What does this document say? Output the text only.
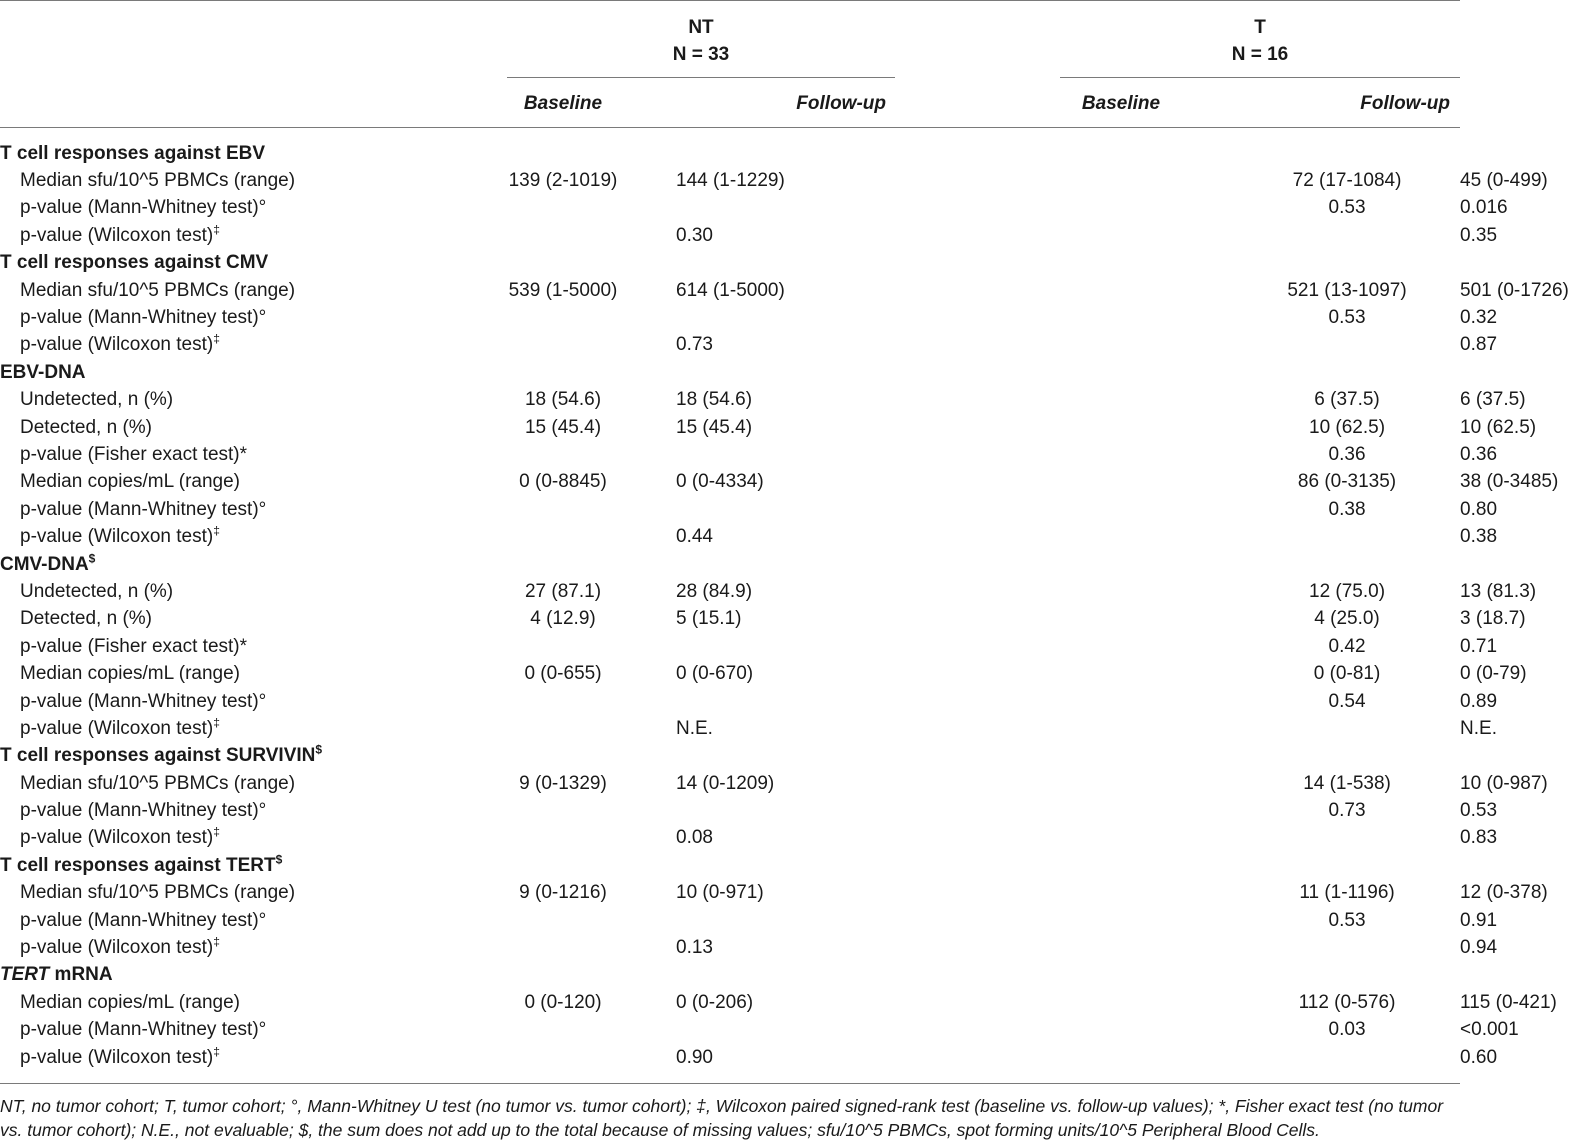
NT
N = 33
T
N = 16
Baseline	Follow-up	Baseline	Follow-up
T cell responses against EBV				
Median sfu/10^5 PBMCs (range)	139 (2-1019)	144 (1-1229)	72 (17-1084)	45 (0-499)
p-value (Mann-Whitney test)°			0.53	0.016
p-value (Wilcoxon test)‡		0.30		0.35
T cell responses against CMV				
Median sfu/10^5 PBMCs (range)	539 (1-5000)	614 (1-5000)	521 (13-1097)	501 (0-1726)
p-value (Mann-Whitney test)°			0.53	0.32
p-value (Wilcoxon test)‡		0.73		0.87
EBV-DNA				
Undetected, n (%)	18 (54.6)	18 (54.6)	6 (37.5)	6 (37.5)
Detected, n (%)	15 (45.4)	15 (45.4)	10 (62.5)	10 (62.5)
p-value (Fisher exact test)*			0.36	0.36
Median copies/mL (range)	0 (0-8845)	0 (0-4334)	86 (0-3135)	38 (0-3485)
p-value (Mann-Whitney test)°			0.38	0.80
p-value (Wilcoxon test)‡		0.44		0.38
CMV-DNA$
Undetected, n (%)	27 (87.1)	28 (84.9)	12 (75.0)	13 (81.3)
Detected, n (%)	4 (12.9)	5 (15.1)	4 (25.0)	3 (18.7)
p-value (Fisher exact test)*			0.42	0.71
Median copies/mL (range)	0 (0-655)	0 (0-670)	0 (0-81)	0 (0-79)
p-value (Mann-Whitney test)°			0.54	0.89
p-value (Wilcoxon test)‡		N.E.		N.E.
T cell responses against SURVIVIN$
Median sfu/10^5 PBMCs (range)	9 (0-1329)	14 (0-1209)	14 (1-538)	10 (0-987)
p-value (Mann-Whitney test)°			0.73	0.53
p-value (Wilcoxon test)‡		0.08		0.83
T cell responses against TERT$
Median sfu/10^5 PBMCs (range)	9 (0-1216)	10 (0-971)	11 (1-1196)	12 (0-378)
p-value (Mann-Whitney test)°			0.53	0.91
p-value (Wilcoxon test)‡		0.13		0.94
TERT mRNA				
Median copies/mL (range)	0 (0-120)	0 (0-206)	112 (0-576)	115 (0-421)
p-value (Mann-Whitney test)°			0.03	<0.001
p-value (Wilcoxon test)‡		0.90		0.60
NT, no tumor cohort; T, tumor cohort; °, Mann-Whitney U test (no tumor vs. tumor cohort); ‡, Wilcoxon paired signed-rank test (baseline vs. follow-up values); *, Fisher exact test (no tumor vs. tumor cohort); N.E., not evaluable; $, the sum does not add up to the total because of missing values; sfu/10^5 PBMCs, spot forming units/10^5 Peripheral Blood Cells.
